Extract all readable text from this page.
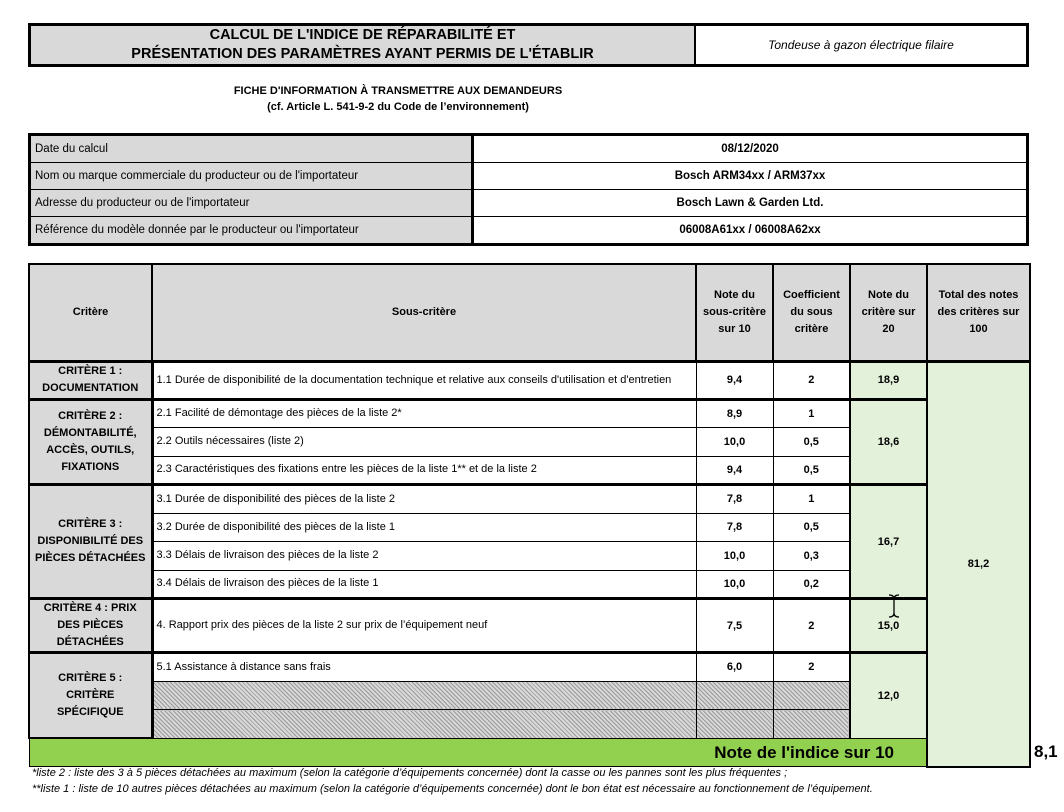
CALCUL DE L'INDICE DE RÉPARABILITÉ ET
PRÉSENTATION DES PARAMÈTRES AYANT PERMIS DE L'ÉTABLIR
Tondeuse à gazon électrique filaire
FICHE D'INFORMATION À TRANSMETTRE AUX DEMANDEURS
(cf. Article L. 541-9-2 du Code de l’environnement)
Date du calcul	08/12/2020
Nom ou marque commerciale du producteur ou de l'importateur	Bosch ARM34xx / ARM37xx
Adresse du producteur ou de l'importateur	Bosch Lawn & Garden Ltd.
Référence du modèle donnée par le producteur ou l'importateur	06008A61xx / 06008A62xx
Critère	Sous-critère	Note du sous-critère sur 10	Coefficient du sous critère	Note du critère sur 20	Total des notes des critères sur 100	
CRITÈRE 1 : DOCUMENTATION	1.1 Durée de disponibilité de la documentation technique et relative aux conseils d'utilisation et d'entretien	9,4	2	18,9	81,2	
CRITÈRE 2 : DÉMONTABILITÉ, ACCÈS, OUTILS, FIXATIONS	2.1 Facilité de démontage des pièces de la liste 2*	8,9	1	18,6		
	2.2 Outils nécessaires (liste 2)	10,0	0,5			
	2.3 Caractéristiques des fixations entre les pièces de la liste 1** et de la liste 2	9,4	0,5			
CRITÈRE 3 : DISPONIBILITÉ DES PIÈCES DÉTACHÉES	3.1 Durée de disponibilité des pièces de la liste 2	7,8	1	16,7		
	3.2 Durée de disponibilité des pièces de la liste 1	7,8	0,5			
	3.3 Délais de livraison des pièces de la liste 2	10,0	0,3			
	3.4 Délais de livraison des pièces de la liste 1	10,0	0,2			
CRITÈRE 4 : PRIX DES PIÈCES DÉTACHÉES	4. Rapport prix des pièces de la liste 2 sur prix de l’équipement neuf	7,5	2	15,0		
CRITÈRE 5 : CRITÈRE SPÉCIFIQUE	5.1 Assistance à distance sans frais	6,0	2	12,0		

Note de l'indice sur 10						8,1
*liste 2 : liste des 3 à 5 pièces détachées au maximum (selon la catégorie d’équipements concernée) dont la casse ou les pannes sont les plus fréquentes ;
**liste 1 : liste de 10 autres pièces détachées au maximum (selon la catégorie d’équipements concernée) dont le bon état est nécessaire au fonctionnement de l’équipement.
